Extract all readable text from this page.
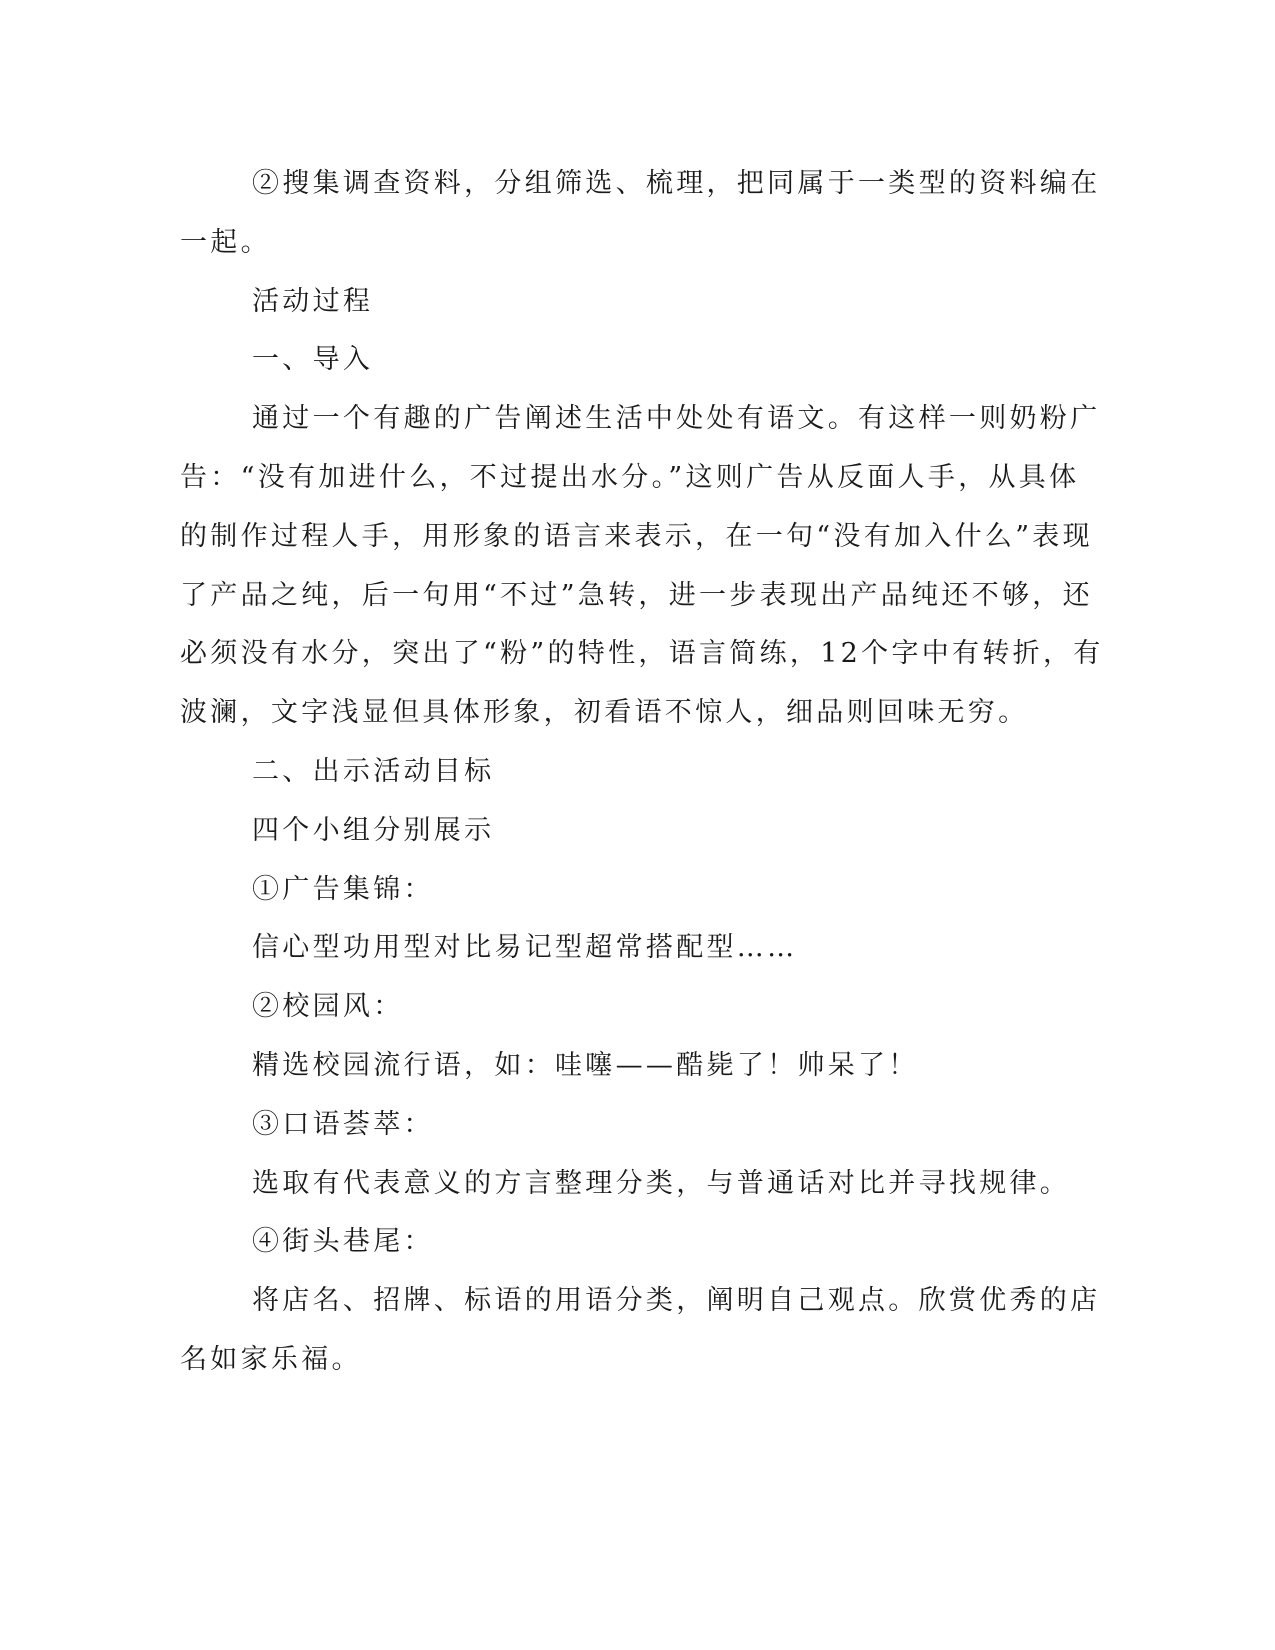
②搜集调查资料，分组筛选、梳理，把同属于一类型的资料编在

一起。

活动过程

一、导入

通过一个有趣的广告阐述生活中处处有语文。有这样一则奶粉广

告：“没有加进什么，不过提出水分。”这则广告从反面人手，从具体

的制作过程人手，用形象的语言来表示，在一句“没有加入什么”表现

了产品之纯，后一句用“不过”急转，进一步表现出产品纯还不够，还

必须没有水分，突出了“粉”的特性，语言简练，12个字中有转折，有

波澜，文字浅显但具体形象，初看语不惊人，细品则回味无穷。

二、出示活动目标

四个小组分别展示

①广告集锦：

信心型功用型对比易记型超常搭配型……

②校园风：

精选校园流行语，如：哇噻——酷毙了！帅呆了！

③口语荟萃：

选取有代表意义的方言整理分类，与普通话对比并寻找规律。

④街头巷尾：

将店名、招牌、标语的用语分类，阐明自己观点。欣赏优秀的店

名如家乐福。
